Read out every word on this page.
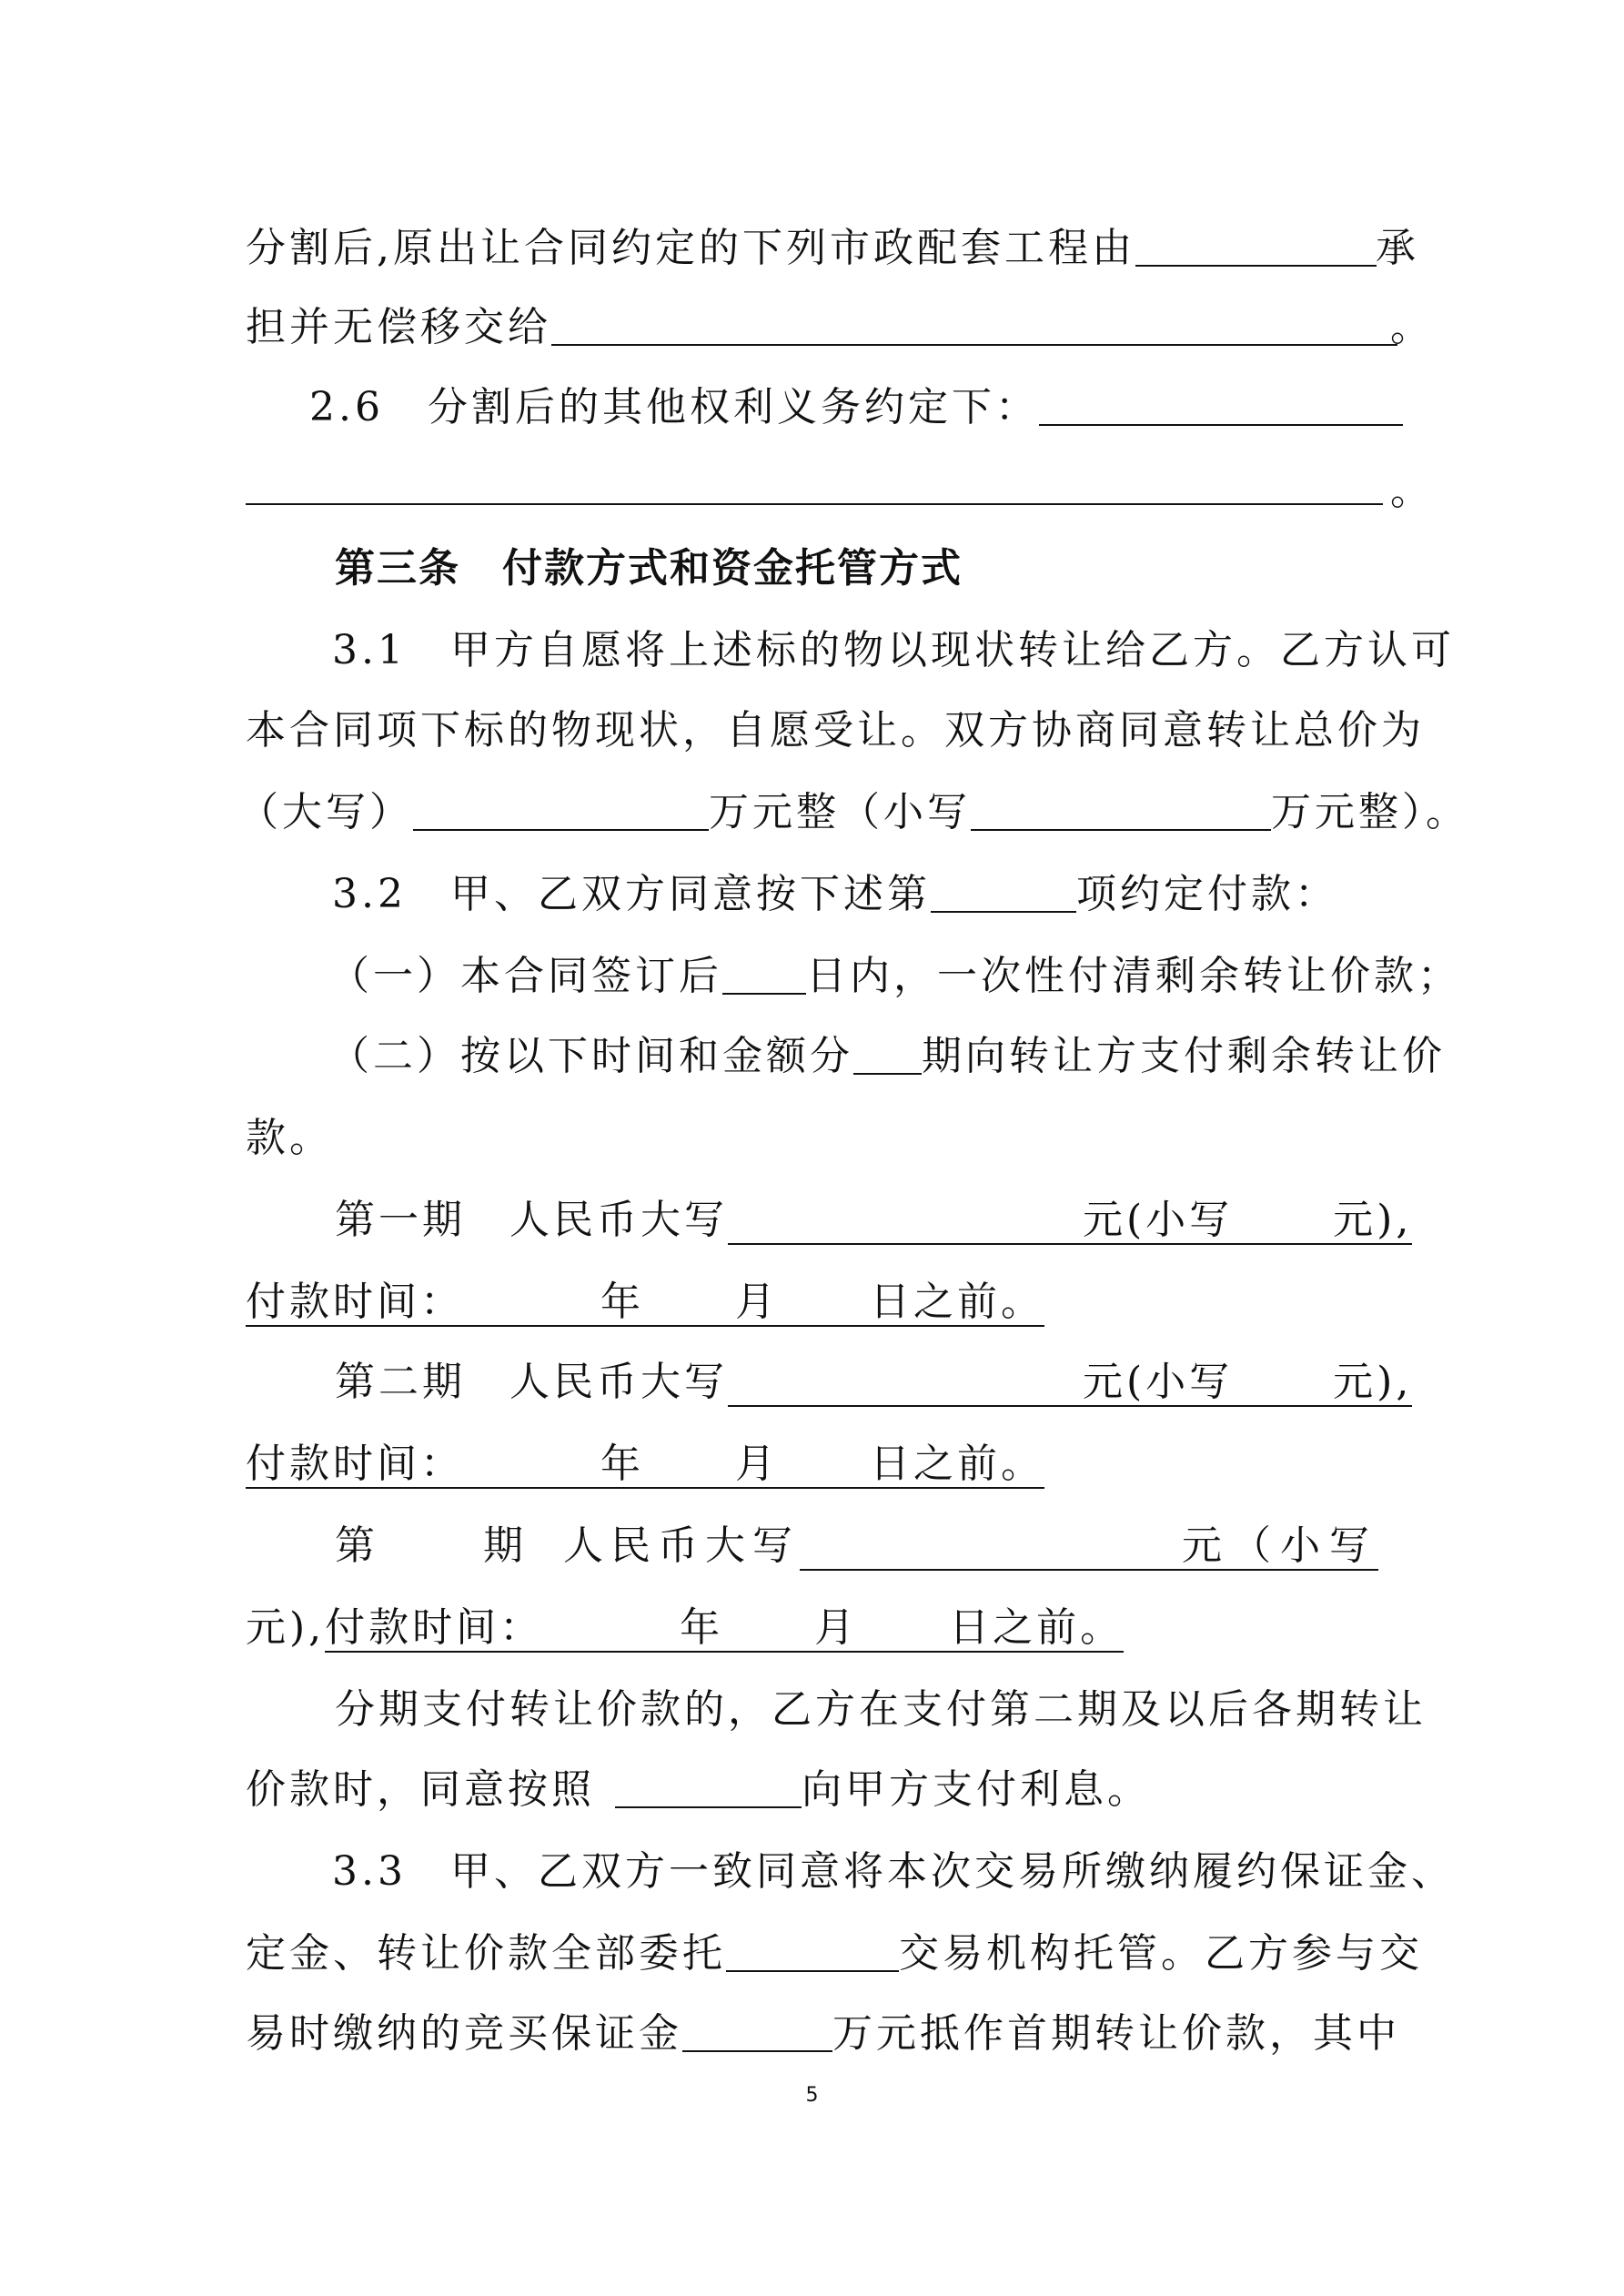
分割后,原出让合同约定的下列市政配套工程由	承
担并无偿移交给	。
2.6　分割后的其他权利义务约定下：
。
第三条　付款方式和资金托管方式
3.1　甲方自愿将上述标的物以现状转让给乙方。乙方认可
本合同项下标的物现状，自愿受让。双方协商同意转让总价为
（大写）	万元整（小写	万元整）。
3.2　甲、乙双方同意按下述第	项约定付款：
（一）本合同签订后 日内，一次性付清剩余转让价款；
（二）按以下时间和金额分 期向转让方支付剩余转让价
款。
第一期　人民币大写	元(小写	元),
付款时间：	年 月 日之前。
第二期　人民币大写	元(小写	元),
付款时间：	年 月 日之前。
第	期 人民币大写	元（小写
元),付款时间：	年 月 日之前。
分期支付转让价款的，乙方在支付第二期及以后各期转让
价款时，同意按照	向甲方支付利息。
3.3　甲、乙双方一致同意将本次交易所缴纳履约保证金、
定金、转让价款全部委托	交易机构托管。乙方参与交
易时缴纳的竞买保证金	万元抵作首期转让价款，其中
5
